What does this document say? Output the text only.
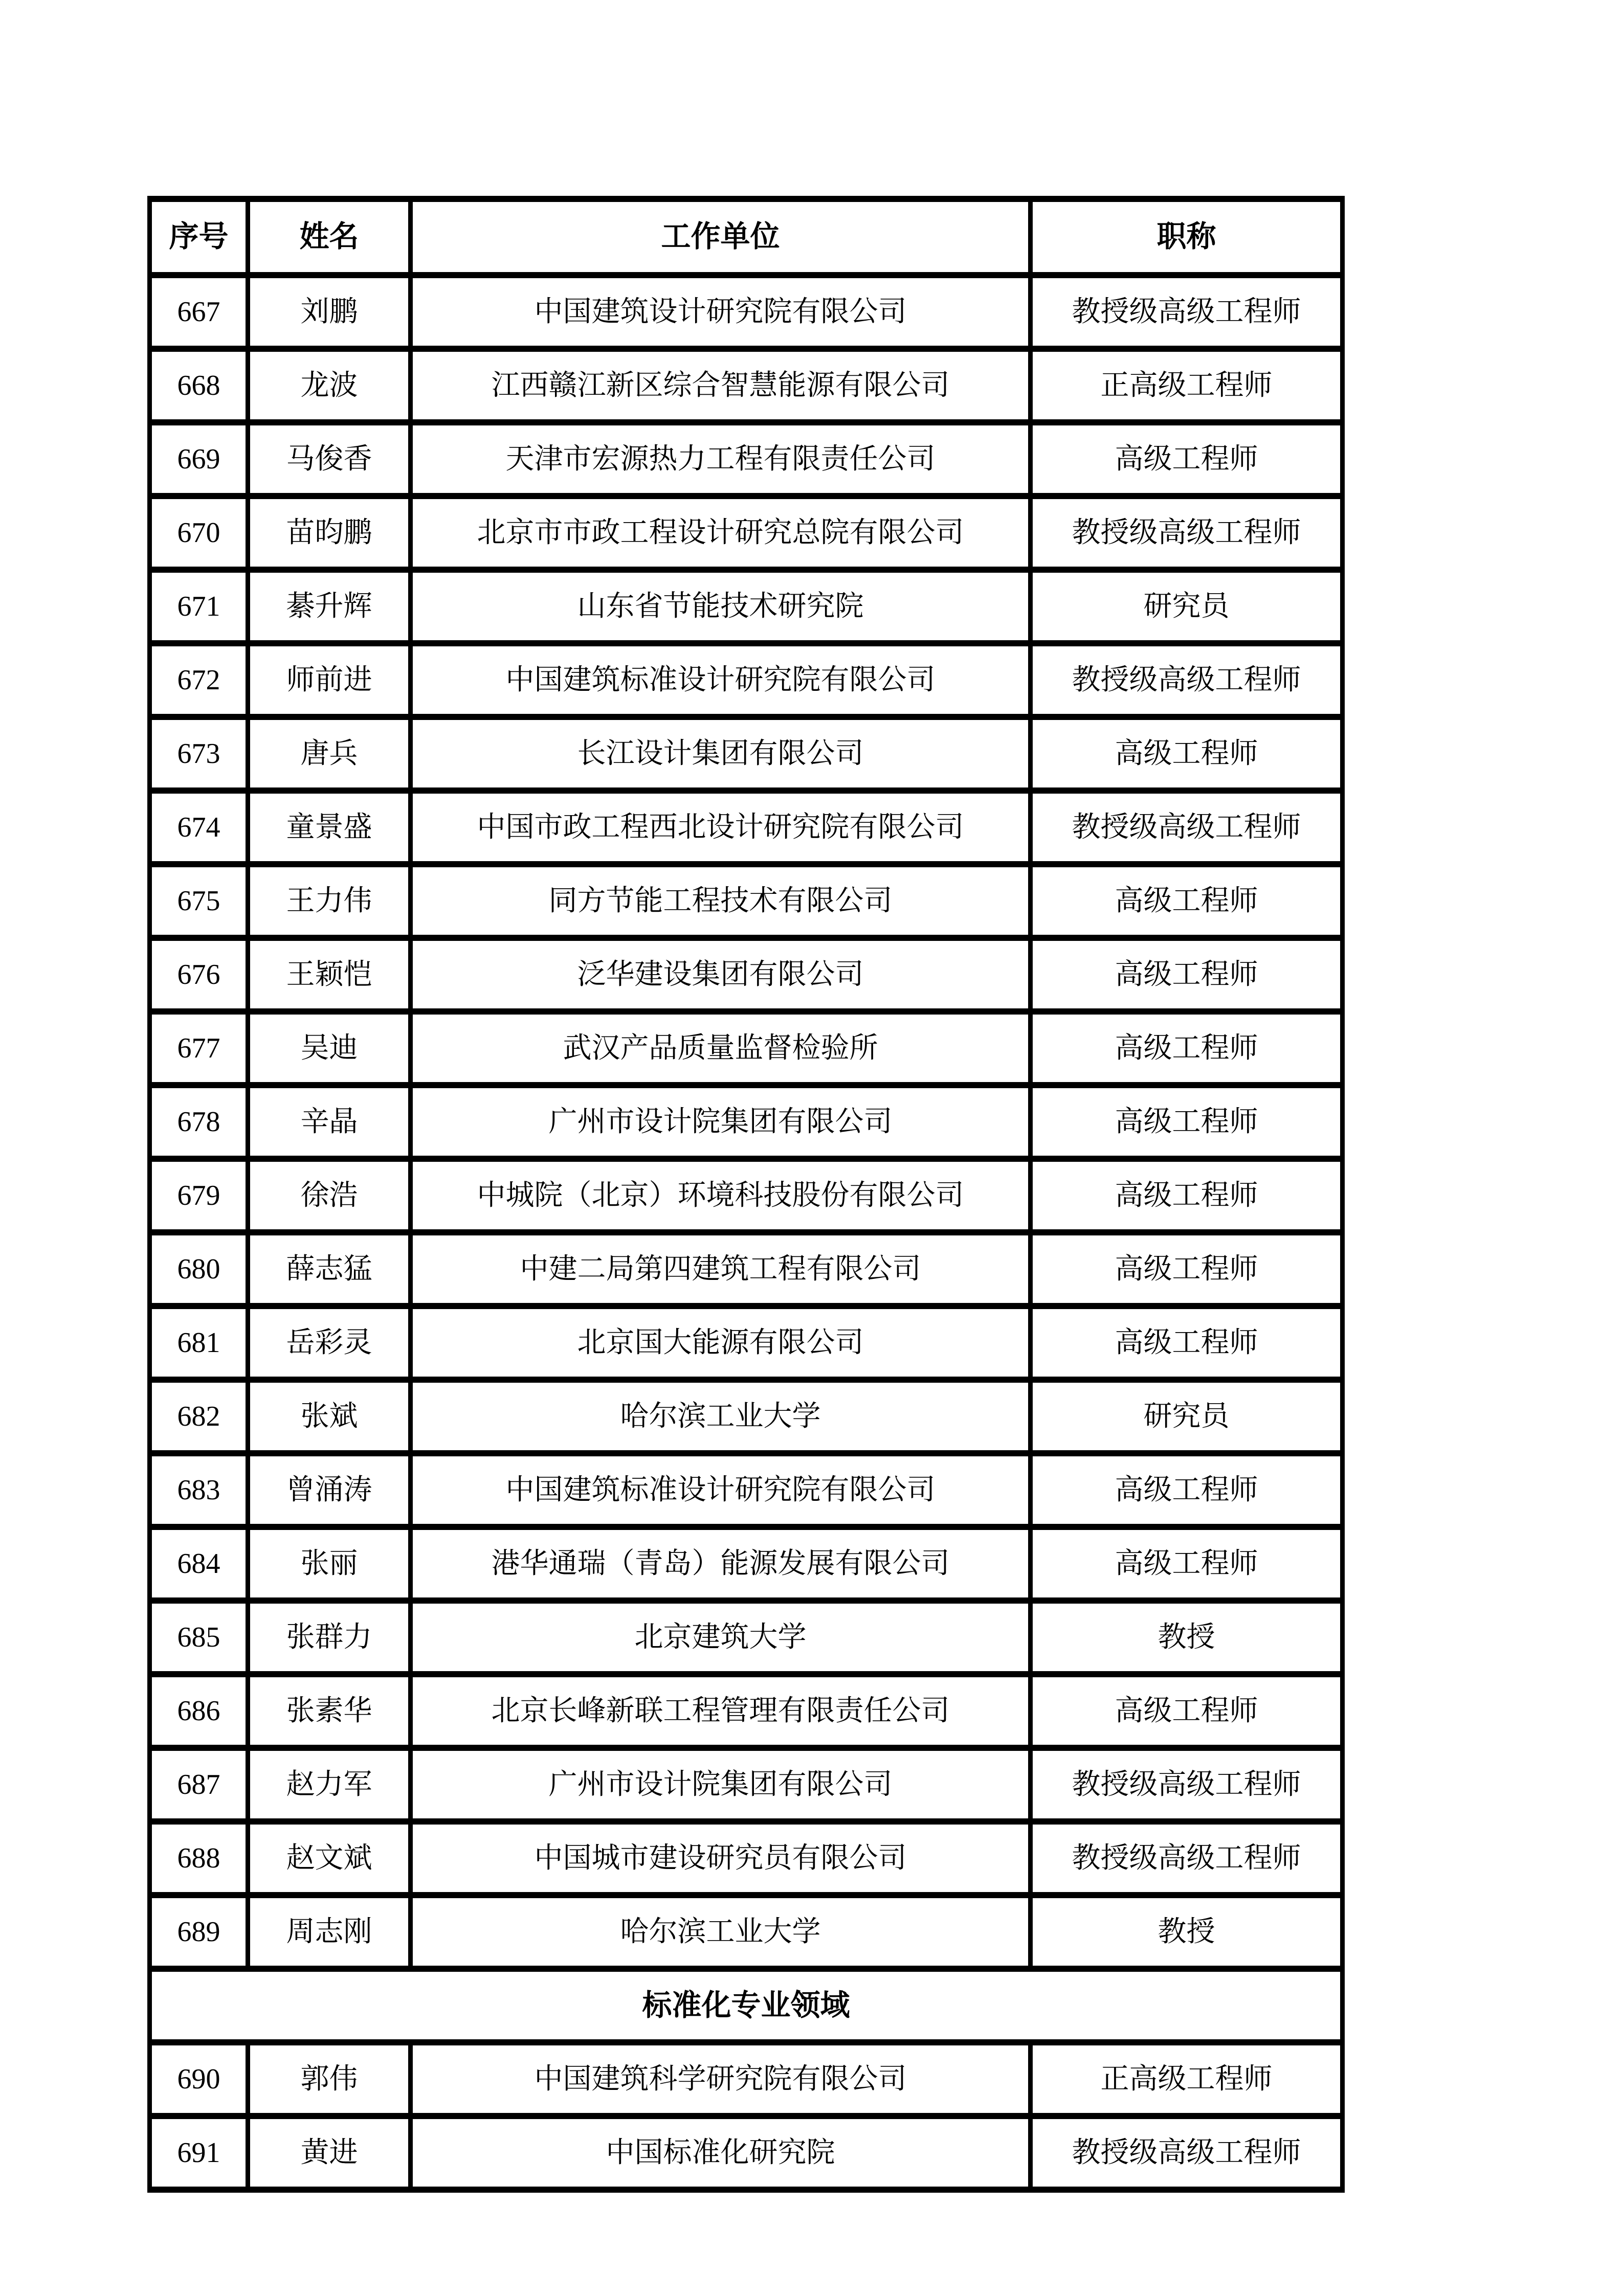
序号	姓名	工作单位	职称
667	刘鹏	中国建筑设计研究院有限公司	教授级高级工程师
668	龙波	江西赣江新区综合智慧能源有限公司	正高级工程师
669	马俊香	天津市宏源热力工程有限责任公司	高级工程师
670	苗昀鹏	北京市市政工程设计研究总院有限公司	教授级高级工程师
671	綦升辉	山东省节能技术研究院	研究员
672	师前进	中国建筑标准设计研究院有限公司	教授级高级工程师
673	唐兵	长江设计集团有限公司	高级工程师
674	童景盛	中国市政工程西北设计研究院有限公司	教授级高级工程师
675	王力伟	同方节能工程技术有限公司	高级工程师
676	王颖恺	泛华建设集团有限公司	高级工程师
677	吴迪	武汉产品质量监督检验所	高级工程师
678	辛晶	广州市设计院集团有限公司	高级工程师
679	徐浩	中城院（北京）环境科技股份有限公司	高级工程师
680	薛志猛	中建二局第四建筑工程有限公司	高级工程师
681	岳彩灵	北京国大能源有限公司	高级工程师
682	张斌	哈尔滨工业大学	研究员
683	曾涌涛	中国建筑标准设计研究院有限公司	高级工程师
684	张丽	港华通瑞（青岛）能源发展有限公司	高级工程师
685	张群力	北京建筑大学	教授
686	张素华	北京长峰新联工程管理有限责任公司	高级工程师
687	赵力军	广州市设计院集团有限公司	教授级高级工程师
688	赵文斌	中国城市建设研究员有限公司	教授级高级工程师
689	周志刚	哈尔滨工业大学	教授
标准化专业领域			
690	郭伟	中国建筑科学研究院有限公司	正高级工程师
691	黄进	中国标准化研究院	教授级高级工程师
